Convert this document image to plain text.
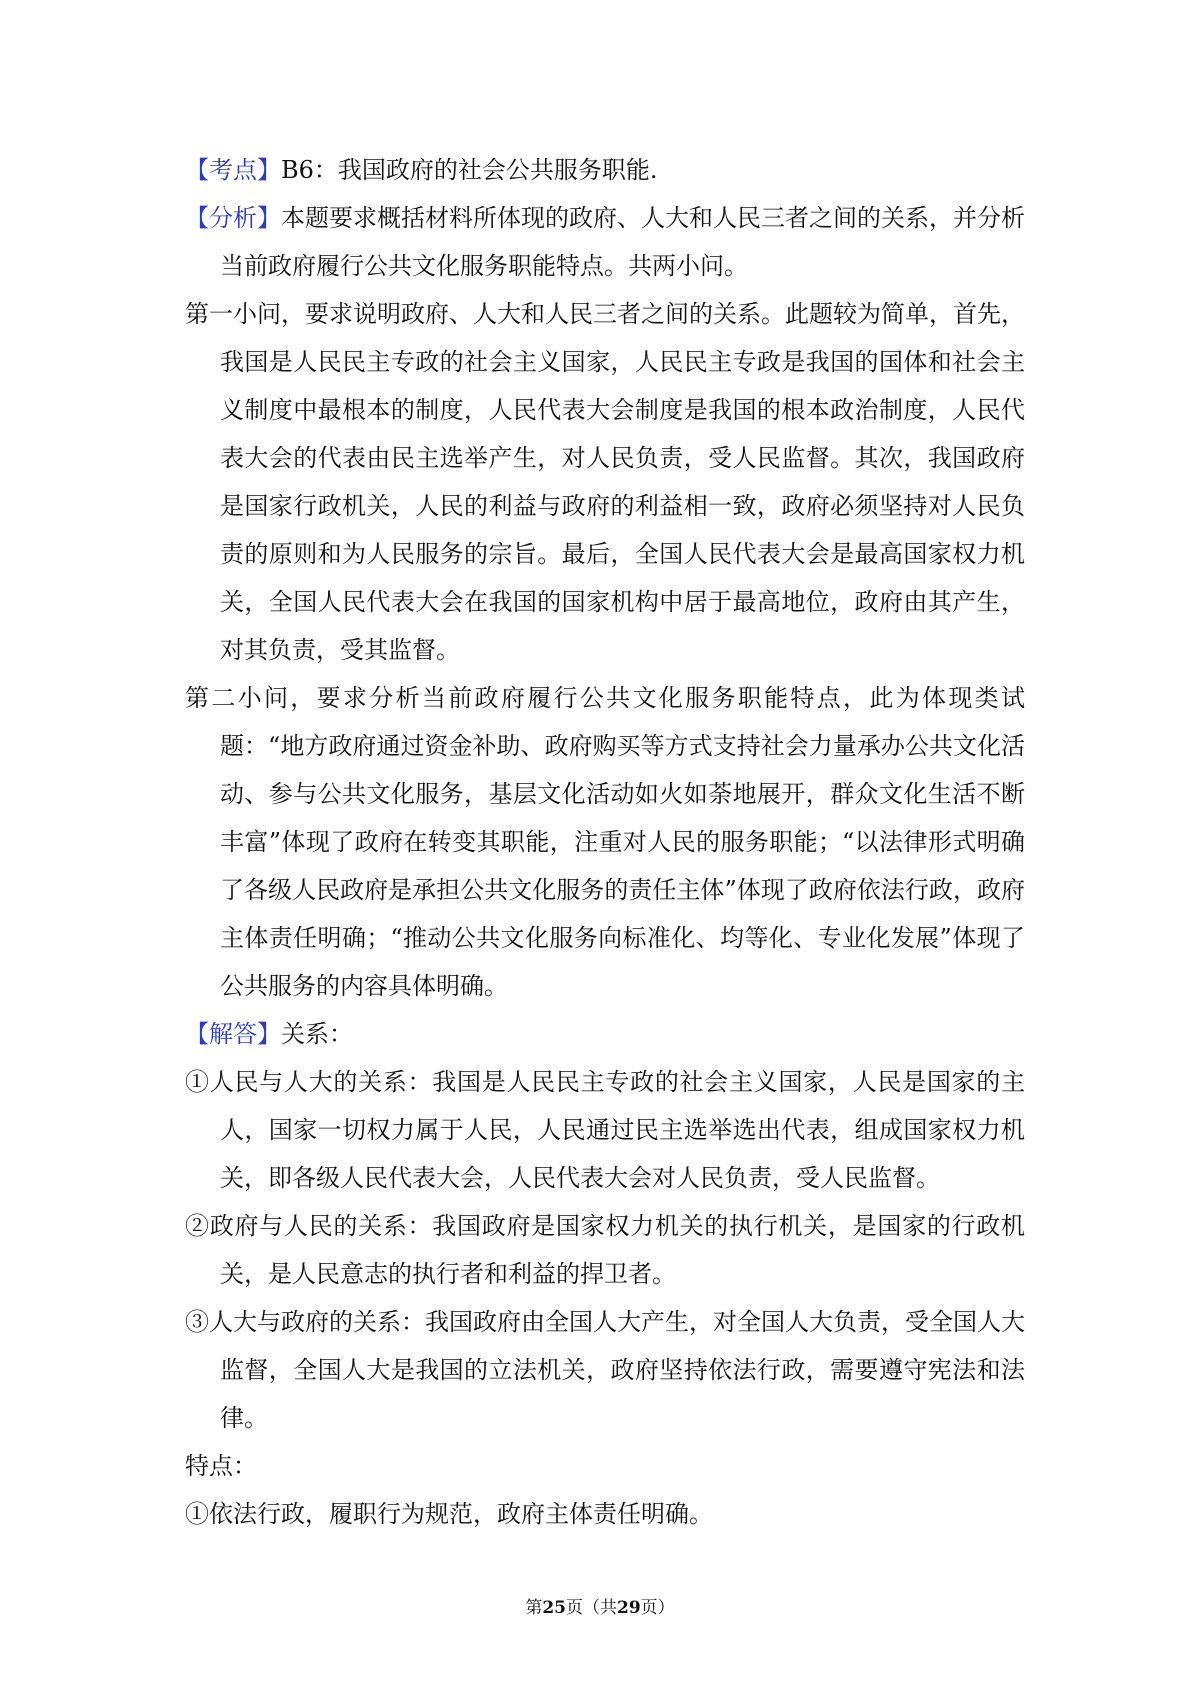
【考点】B6：我国政府的社会公共服务职能.

【分析】本题要求概括材料所体现的政府、人大和人民三者之间的关系，并分析当前政府履行公共文化服务职能特点。共两小问。

第一小问，要求说明政府、人大和人民三者之间的关系。此题较为简单，首先，我国是人民民主专政的社会主义国家，人民民主专政是我国的国体和社会主义制度中最根本的制度，人民代表大会制度是我国的根本政治制度，人民代表大会的代表由民主选举产生，对人民负责，受人民监督。其次，我国政府是国家行政机关，人民的利益与政府的利益相一致，政府必须坚持对人民负责的原则和为人民服务的宗旨。最后，全国人民代表大会是最高国家权力机关，全国人民代表大会在我国的国家机构中居于最高地位，政府由其产生，对其负责，受其监督。

第二小问，要求分析当前政府履行公共文化服务职能特点，此为体现类试题：“地方政府通过资金补助、政府购买等方式支持社会力量承办公共文化活动、参与公共文化服务，基层文化活动如火如荼地展开，群众文化生活不断丰富”体现了政府在转变其职能，注重对人民的服务职能；“以法律形式明确了各级人民政府是承担公共文化服务的责任主体”体现了政府依法行政，政府主体责任明确；“推动公共文化服务向标准化、均等化、专业化发展”体现了公共服务的内容具体明确。

【解答】关系：

①人民与人大的关系：我国是人民民主专政的社会主义国家，人民是国家的主人，国家一切权力属于人民，人民通过民主选举选出代表，组成国家权力机关，即各级人民代表大会，人民代表大会对人民负责，受人民监督。

②政府与人民的关系：我国政府是国家权力机关的执行机关，是国家的行政机关，是人民意志的执行者和利益的捍卫者。

③人大与政府的关系：我国政府由全国人大产生，对全国人大负责，受全国人大监督，全国人大是我国的立法机关，政府坚持依法行政，需要遵守宪法和法律。

特点：

①依法行政，履职行为规范，政府主体责任明确。

第25页（共29页）
